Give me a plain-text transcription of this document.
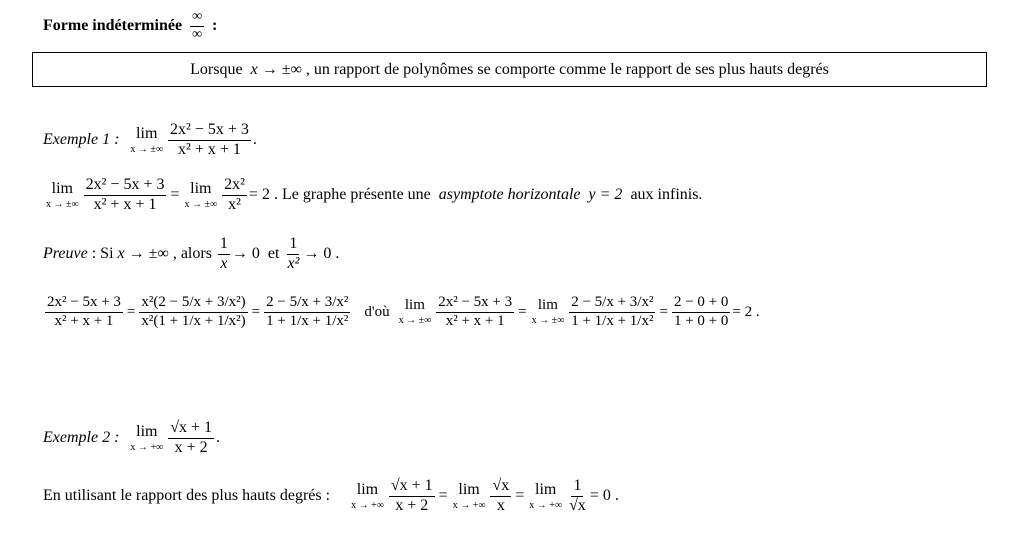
Forme indéterminée $\frac{\infty}{\infty}$ :
Lorsque
x
→ ±∞
, un rapport de polynômes se comporte comme le rapport de ses plus hauts degrés
Exemple 1 : lim
x → ±∞ $\frac{\text{2x² − 5x + 3}}{\text{x² + x + 1}}$ .
lim
x → ±∞ $\frac{\text{2x² − 5x + 3}}{\text{x² + x + 1}} = \lim$
x → ±∞ $\frac{\text{2x²}}{\text{x²}} = 2$
. Le graphe présente une
asymptote horizontale
y = 2
aux infinis.
Preuve
: Si
x
→ ±∞
, alors
$\frac{1}{x} \to 0$
et
$\frac{1}{\text{x²}} \to 0$ .
$\frac{\text{2x² − 5x + 3}}{\text{x² + x + 1}} = \frac{\text{x²(2 − 5/x + 3/x²)}}{\text{x²(1 + 1/x + 1/x²)}} = \frac{\text{2 − 5/x + 3/x²}}{\text{1 + 1/x + 1/x²}}$ d'où lim
x → ±∞ $\frac{\text{2x² − 5x + 3}}{\text{x² + x + 1}} = \lim$
x → ±∞ $\frac{\text{2 − 5/x + 3/x²}}{\text{1 + 1/x + 1/x²}} = \frac{2 - 0 + 0}{1 + 0 + 0} = 2$ .
Exemple 2 : lim
x → +∞ $\frac{√x + 1}{x + 2}$ .
En utilisant le rapport des plus hauts degrés : lim
x → +∞ $\frac{√x + 1}{x + 2} = \lim$
x → +∞ $\frac{√x}{x} = \lim$
x → +∞ $\frac{1}{√x} = 0$ .
